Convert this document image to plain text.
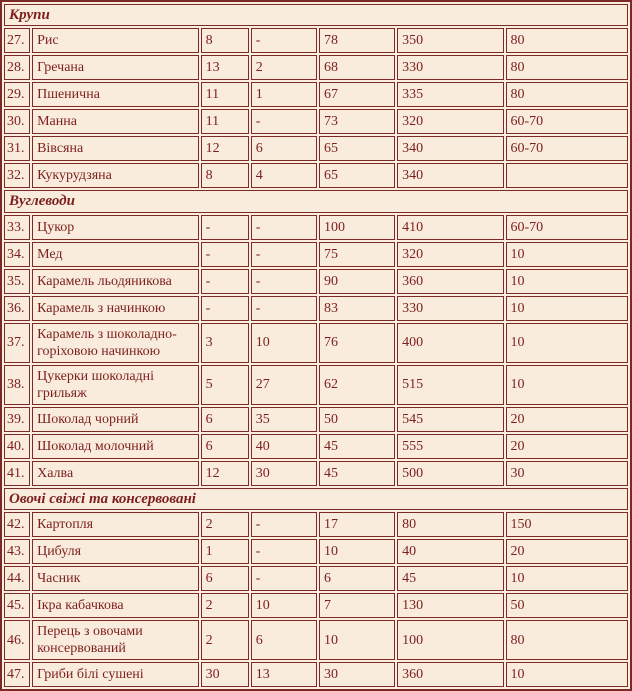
Крупи						
27.	Рис	8	-	78	350	80
28.	Гречана	13	2	68	330	80
29.	Пшенична	11	1	67	335	80
30.	Манна	11	-	73	320	60-70
31.	Вівсяна	12	6	65	340	60-70
32.	Кукурудзяна	8	4	65	340	
Вуглеводи						
33.	Цукор	-	-	100	410	60-70
34.	Мед	-	-	75	320	10
35.	Карамель льодяникова	-	-	90	360	10
36.	Карамель з начинкою	-	-	83	330	10
37.	Карамель з шоколадно-горіховою начинкою	3	10	76	400	10
38.	Цукерки шоколадні грильяж	5	27	62	515	10
39.	Шоколад чорний	6	35	50	545	20
40.	Шоколад молочний	6	40	45	555	20
41.	Халва	12	30	45	500	30
Овочі свіжі та консервовані						
42.	Картопля	2	-	17	80	150
43.	Цибуля	1	-	10	40	20
44.	Часник	6	-	6	45	10
45.	Ікра кабачкова	2	10	7	130	50
46.	Перець з овочами консервований	2	6	10	100	80
47.	Гриби білі сушені	30	13	30	360	10
